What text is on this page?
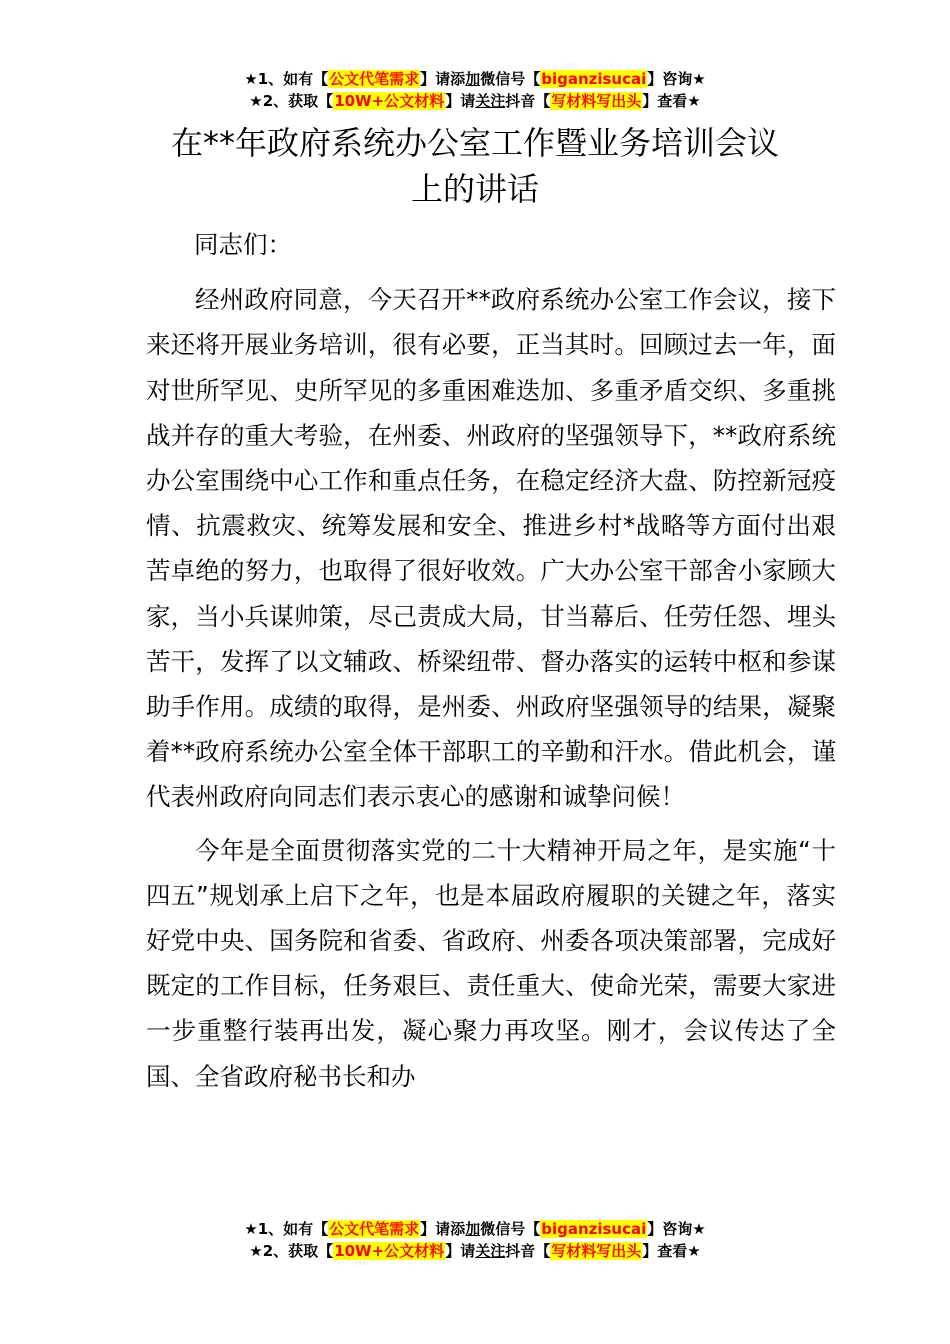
★1、如有【公文代笔需求】请添加微信号【biganzisucai】咨询★
★2、获取【10W+公文材料】请关注抖音【写材料写出头】查看★
在**年政府系统办公室工作暨业务培训会议
上的讲话
同志们：

经州政府同意，今天召开**政府系统办公室工作会议，接下来还将开展业务培训，很有必要，正当其时。回顾过去一年，面对世所罕见、史所罕见的多重困难迭加、多重矛盾交织、多重挑战并存的重大考验，在州委、州政府的坚强领导下，**政府系统办公室围绕中心工作和重点任务，在稳定经济大盘、防控新冠疫情、抗震救灾、统筹发展和安全、推进乡村*战略等方面付出艰苦卓绝的努力，也取得了很好收效。广大办公室干部舍小家顾大家，当小兵谋帅策，尽己责成大局，甘当幕后、任劳任怨、埋头苦干，发挥了以文辅政、桥梁纽带、督办落实的运转中枢和参谋助手作用。成绩的取得，是州委、州政府坚强领导的结果，凝聚着**政府系统办公室全体干部职工的辛勤和汗水。借此机会，谨代表州政府向同志们表示衷心的感谢和诚挚问候！

今年是全面贯彻落实党的二十大精神开局之年，是实施“十四五”规划承上启下之年，也是本届政府履职的关键之年，落实好党中央、国务院和省委、省政府、州委各项决策部署，完成好既定的工作目标，任务艰巨、责任重大、使命光荣，需要大家进一步重整行装再出发，凝心聚力再攻坚。刚才，会议传达了全国、全省政府秘书长和办

★1、如有【公文代笔需求】请添加微信号【biganzisucai】咨询★
★2、获取【10W+公文材料】请关注抖音【写材料写出头】查看★
